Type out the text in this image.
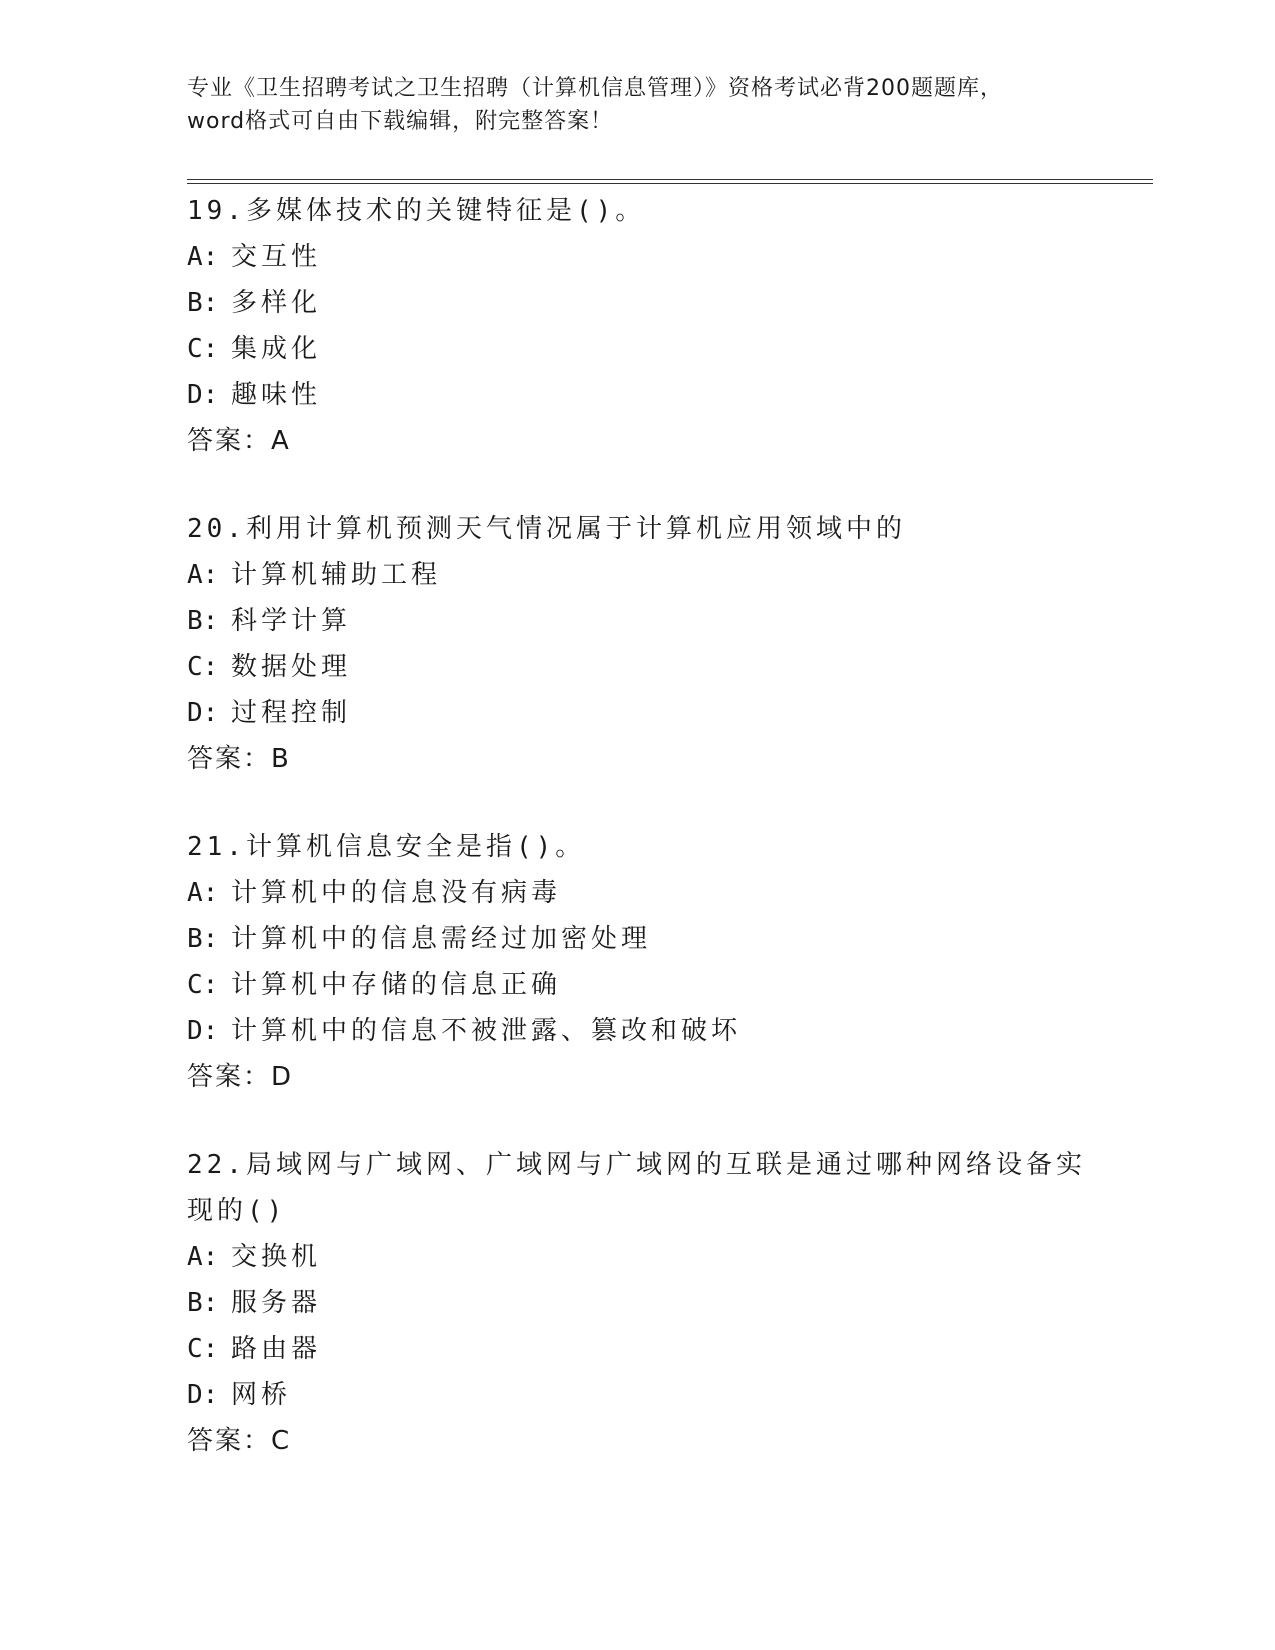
专业《卫生招聘考试之卫生招聘（计算机信息管理）》资格考试必背200题题库，
word格式可自由下载编辑，附完整答案！
19.多媒体技术的关键特征是()。
A: 交互性
B: 多样化
C: 集成化
D: 趣味性
答案：A
20.利用计算机预测天气情况属于计算机应用领域中的
A: 计算机辅助工程
B: 科学计算
C: 数据处理
D: 过程控制
答案：B
21.计算机信息安全是指()。
A: 计算机中的信息没有病毒
B: 计算机中的信息需经过加密处理
C: 计算机中存储的信息正确
D: 计算机中的信息不被泄露、篡改和破坏
答案：D
22.局域网与广域网、广域网与广域网的互联是通过哪种网络设备实现的()
A: 交换机
B: 服务器
C: 路由器
D: 网桥
答案：C
